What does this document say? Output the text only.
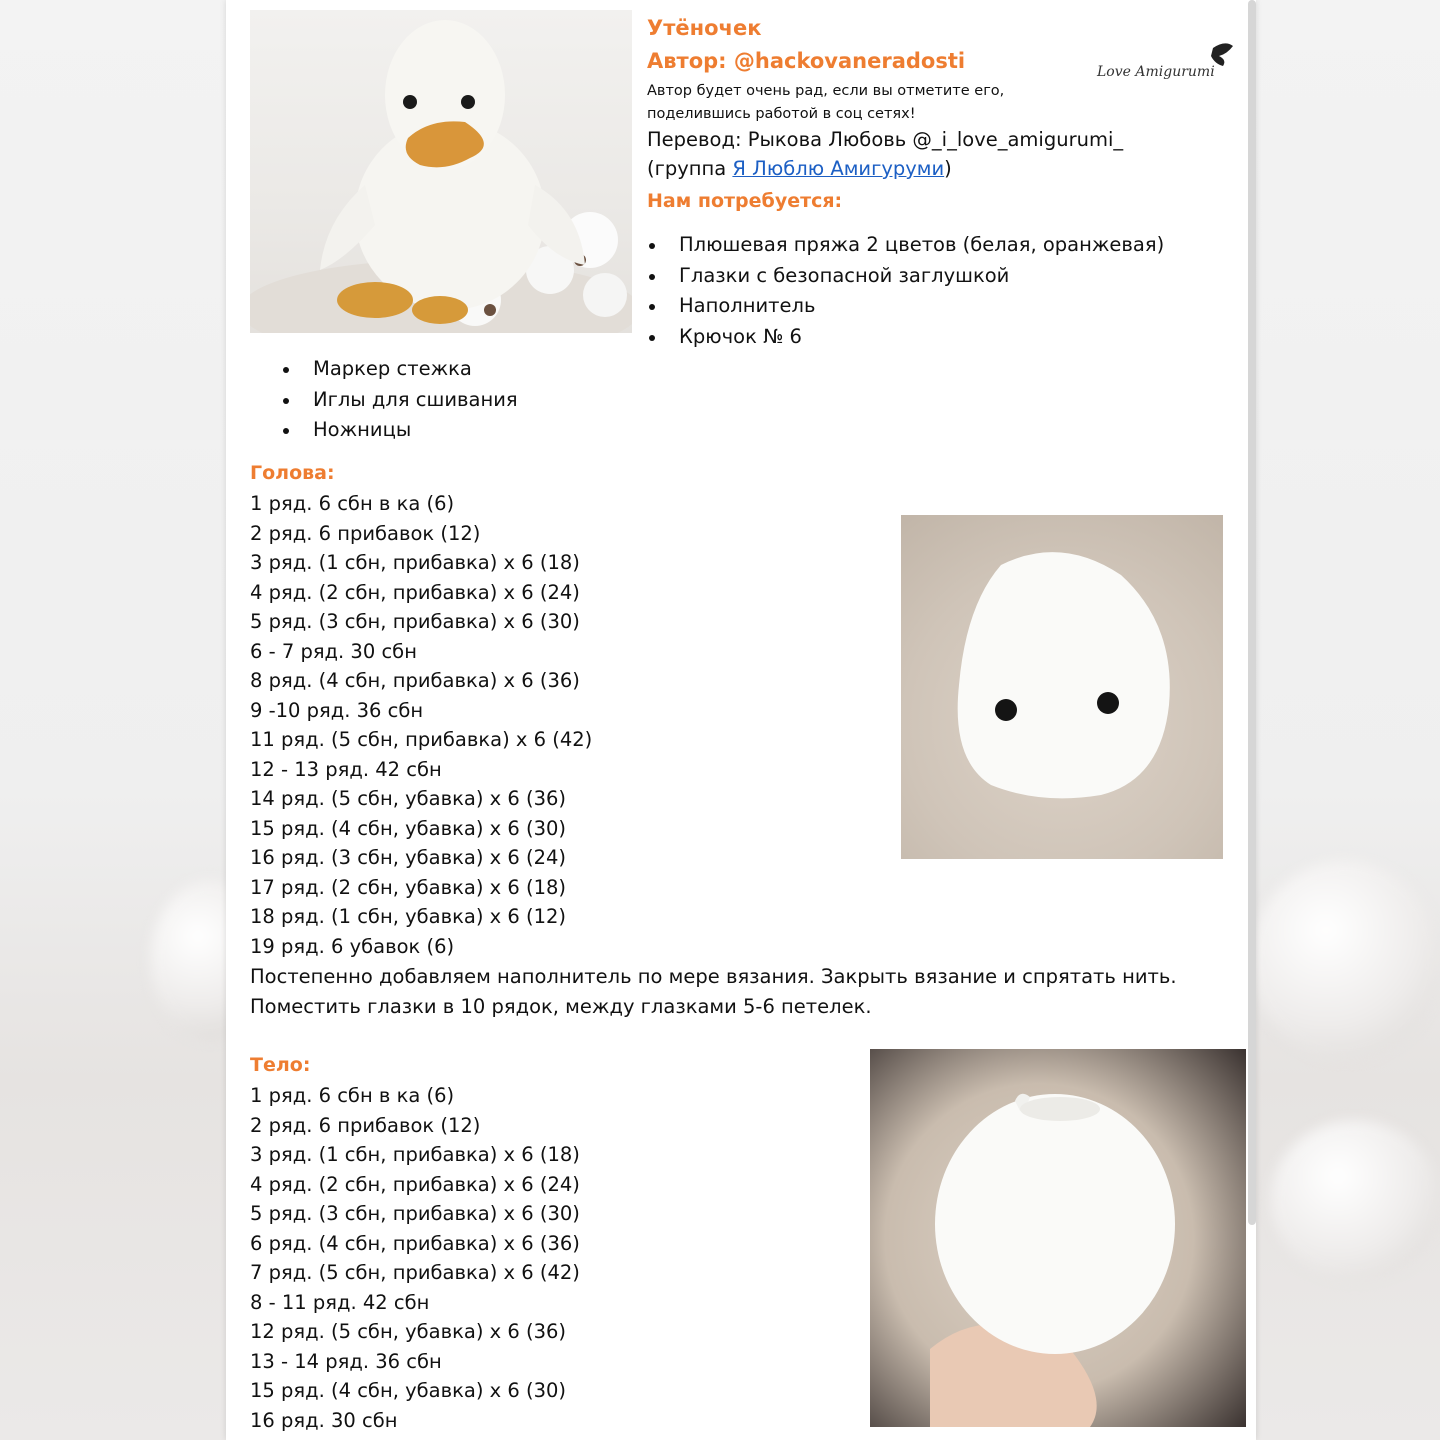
Утёночек
Автор: @hackovaneradosti
Автор будет очень рад, если вы отметите его,
поделившись работой в соц сетях!
Перевод: Рыкова Любовь @_i_love_amigurumi_
(группа Я Люблю Амигуруми)
Love Amigurumi
Нам потребуется:
Плюшевая пряжа 2 цветов (белая, оранжевая)
Глазки с безопасной заглушкой
Наполнитель
Крючок № 6
Маркер стежка
Иглы для сшивания
Ножницы
Голова:
1 ряд. 6 сбн в ка (6)
2 ряд. 6 прибавок (12)
3 ряд. (1 сбн, прибавка) х 6 (18)
4 ряд. (2 сбн, прибавка) х 6 (24)
5 ряд. (3 сбн, прибавка) х 6 (30)
6 - 7 ряд. 30 сбн
8 ряд. (4 сбн, прибавка) х 6 (36)
9 -10 ряд. 36 сбн
11 ряд. (5 сбн, прибавка) х 6 (42)
12 - 13 ряд. 42 сбн
14 ряд. (5 сбн, убавка) х 6 (36)
15 ряд. (4 сбн, убавка) х 6 (30)
16 ряд. (3 сбн, убавка) х 6 (24)
17 ряд. (2 сбн, убавка) х 6 (18)
18 ряд. (1 сбн, убавка) х 6 (12)
19 ряд. 6 убавок (6)
Постепенно добавляем наполнитель по мере вязания. Закрыть вязание и спрятать нить.
Поместить глазки в 10 рядок, между глазками 5-6 петелек.
Тело:
1 ряд. 6 сбн в ка (6)
2 ряд. 6 прибавок (12)
3 ряд. (1 сбн, прибавка) х 6 (18)
4 ряд. (2 сбн, прибавка) х 6 (24)
5 ряд. (3 сбн, прибавка) х 6 (30)
6 ряд. (4 сбн, прибавка) х 6 (36)
7 ряд. (5 сбн, прибавка) х 6 (42)
8 - 11 ряд. 42 сбн
12 ряд. (5 сбн, убавка) х 6 (36)
13 - 14 ряд. 36 сбн
15 ряд. (4 сбн, убавка) х 6 (30)
16 ряд. 30 сбн
